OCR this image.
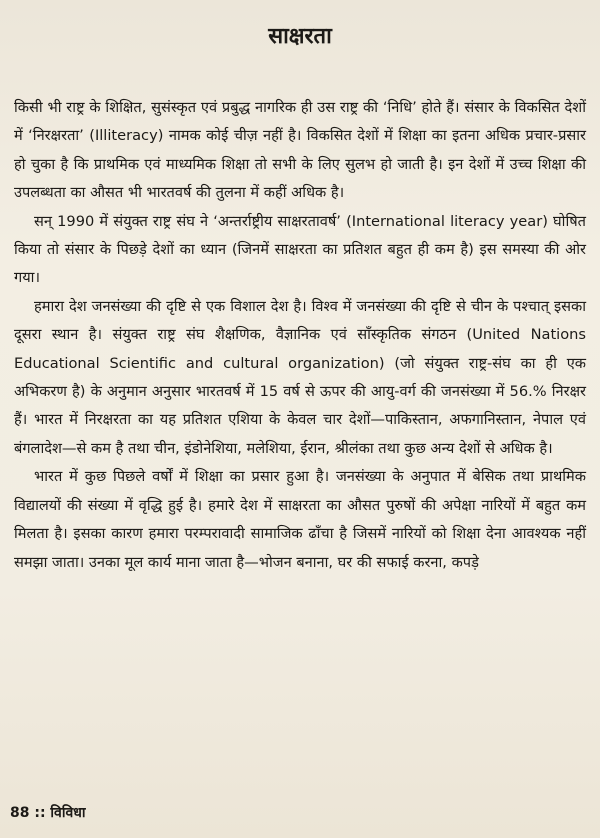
साक्षरता

किसी भी राष्ट्र के शिक्षित, सुसंस्कृत एवं प्रबुद्ध नागरिक ही उस राष्ट्र की ‘निधि’ होते हैं। संसार के विकसित देशों में ‘निरक्षरता’ (Illiteracy) नामक कोई चीज़ नहीं है। विकसित देशों में शिक्षा का इतना अधिक प्रचार-प्रसार हो चुका है कि प्राथमिक एवं माध्यमिक शिक्षा तो सभी के लिए सुलभ हो जाती है। इन देशों में उच्च शिक्षा की उपलब्धता का औसत भी भारतवर्ष की तुलना में कहीं अधिक है।

सन् 1990 में संयुक्त राष्ट्र संघ ने ‘अन्तर्राष्ट्रीय साक्षरतावर्ष’ (International literacy year) घोषित किया तो संसार के पिछड़े देशों का ध्यान (जिनमें साक्षरता का प्रतिशत बहुत ही कम है) इस समस्या की ओर गया।

हमारा देश जनसंख्या की दृष्टि से एक विशाल देश है। विश्व में जनसंख्या की दृष्टि से चीन के पश्चात् इसका दूसरा स्थान है। संयुक्त राष्ट्र संघ शैक्षणिक, वैज्ञानिक एवं साँस्कृतिक संगठन (United Nations Educational Scientific and cultural organization) (जो संयुक्त राष्ट्र-संघ का ही एक अभिकरण है) के अनुमान अनुसार भारतवर्ष में 15 वर्ष से ऊपर की आयु-वर्ग की जनसंख्या में 56.% निरक्षर हैं। भारत में निरक्षरता का यह प्रतिशत एशिया के केवल चार देशों—पाकिस्तान, अफगानिस्तान, नेपाल एवं बंगलादेश—से कम है तथा चीन, इंडोनेशिया, मलेशिया, ईरान, श्रीलंका तथा कुछ अन्य देशों से अधिक है।

भारत में कुछ पिछले वर्षों में शिक्षा का प्रसार हुआ है। जनसंख्या के अनुपात में बेसिक तथा प्राथमिक विद्यालयों की संख्या में वृद्धि हुई है। हमारे देश में साक्षरता का औसत पुरुषों की अपेक्षा नारियों में बहुत कम मिलता है। इसका कारण हमारा परम्परावादी सामाजिक ढाँचा है जिसमें नारियों को शिक्षा देना आवश्यक नहीं समझा जाता। उनका मूल कार्य माना जाता है—भोजन बनाना, घर की सफाई करना, कपड़े

88 :: विविधा
